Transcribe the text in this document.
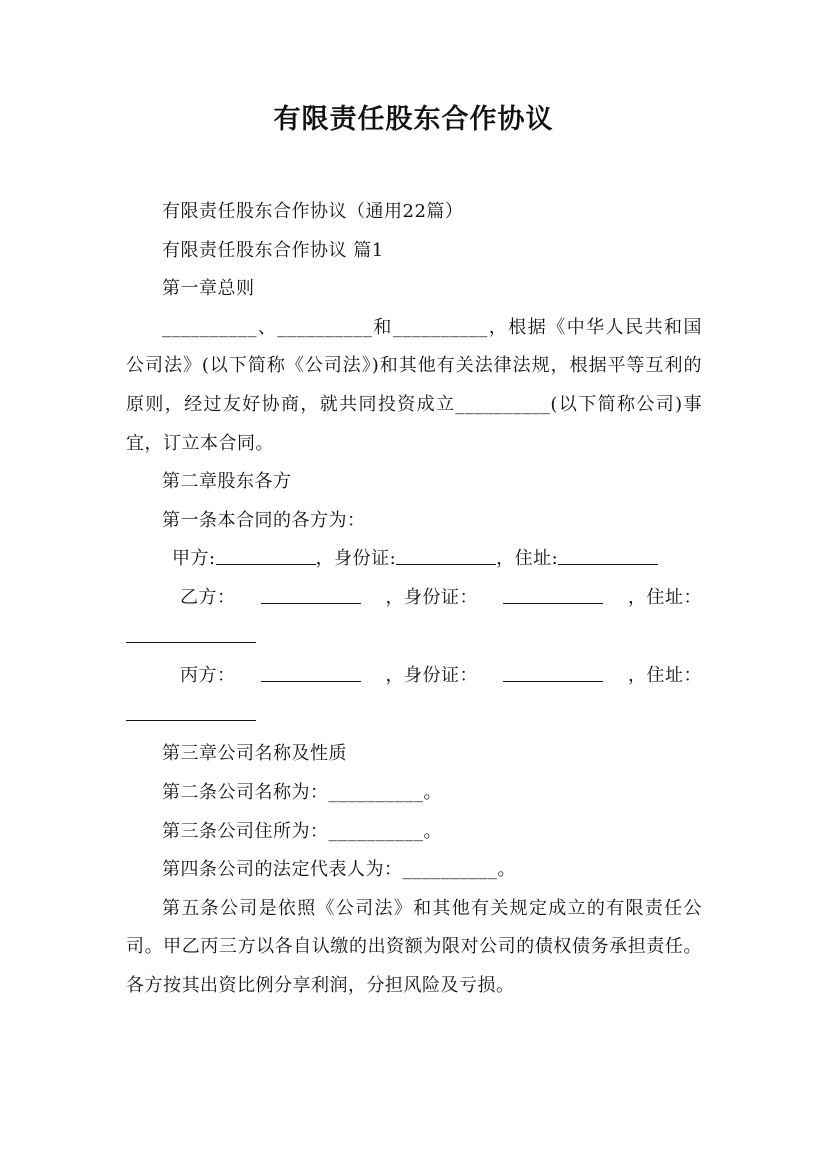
有限责任股东合作协议

有限责任股东合作协议（通用22篇）

有限责任股东合作协议 篇1

第一章总则

__________、__________和__________，根据《中华人民共和国公司法》(以下简称《公司法》)和其他有关法律法规，根据平等互利的原则，经过友好协商，就共同投资成立__________(以下简称公司)事宜，订立本合同。

第二章股东各方

第一条本合同的各方为：

甲方:	，身份证:	，住址:
乙方：	，身份证：	，住址：
丙方：	，身份证：	，住址：

第三章公司名称及性质

第二条公司名称为：__________。

第三条公司住所为：__________。

第四条公司的法定代表人为：__________。

第五条公司是依照《公司法》和其他有关规定成立的有限责任公司。甲乙丙三方以各自认缴的出资额为限对公司的债权债务承担责任。各方按其出资比例分享利润，分担风险及亏损。
